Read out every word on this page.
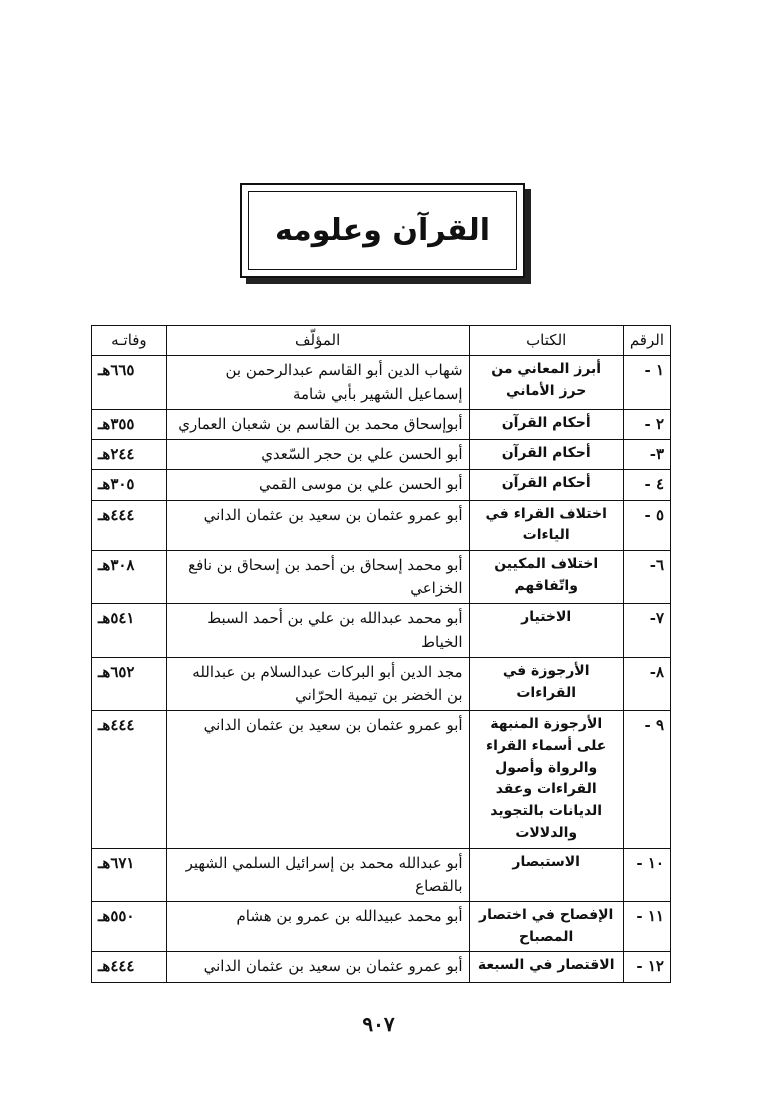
القرآن وعلومه
الرقم	الكتاب	المؤلّف	وفاتـه
١ -	أبرز المعاني من حرز الأماني	شهاب الدين أبو القاسم عبدالرحمن بن إسماعيل الشهير بأبي شامة	٦٦٥هـ
٢ -	أحكام القرآن	أبوإسحاق محمد بن القاسم بن شعبان العماري	٣٥٥هـ
٣-	أحكام القرآن	أبو الحسن علي بن حجر السّعدي	٢٤٤هـ
٤ -	أحكام القرآن	أبو الحسن علي بن موسى القمي	٣٠٥هـ
٥ -	اختلاف القراء في الياءات	أبو عمرو عثمان بن سعيد بن عثمان الداني	٤٤٤هـ
٦-	اختلاف المكيين واتّفاقهم	أبو محمد إسحاق بن أحمد بن إسحاق بن نافع الخزاعي	٣٠٨هـ
٧-	الاختيار	أبو محمد عبدالله بن علي بن أحمد السبط الخياط	٥٤١هـ
٨-	الأرجوزة في القراءات	مجد الدين أبو البركات عبدالسلام بن عبدالله بن الخضر بن تيمية الحرّاني	٦٥٢هـ
٩ -	الأرجوزة المنبهة على أسماء القراء والرواة وأصول القراءات وعقد الديانات بالتجويد والدلالات	أبو عمرو عثمان بن سعيد بن عثمان الداني	٤٤٤هـ
١٠ -	الاستبصار	أبو عبدالله محمد بن إسرائيل السلمي الشهير بالقصاع	٦٧١هـ
١١ -	الإفصاح في اختصار المصباح	أبو محمد عبيدالله بن عمرو بن هشام	٥٥٠هـ
١٢ -	الاقتصار في السبعة	أبو عمرو عثمان بن سعيد بن عثمان الداني	٤٤٤هـ
٩٠٧
